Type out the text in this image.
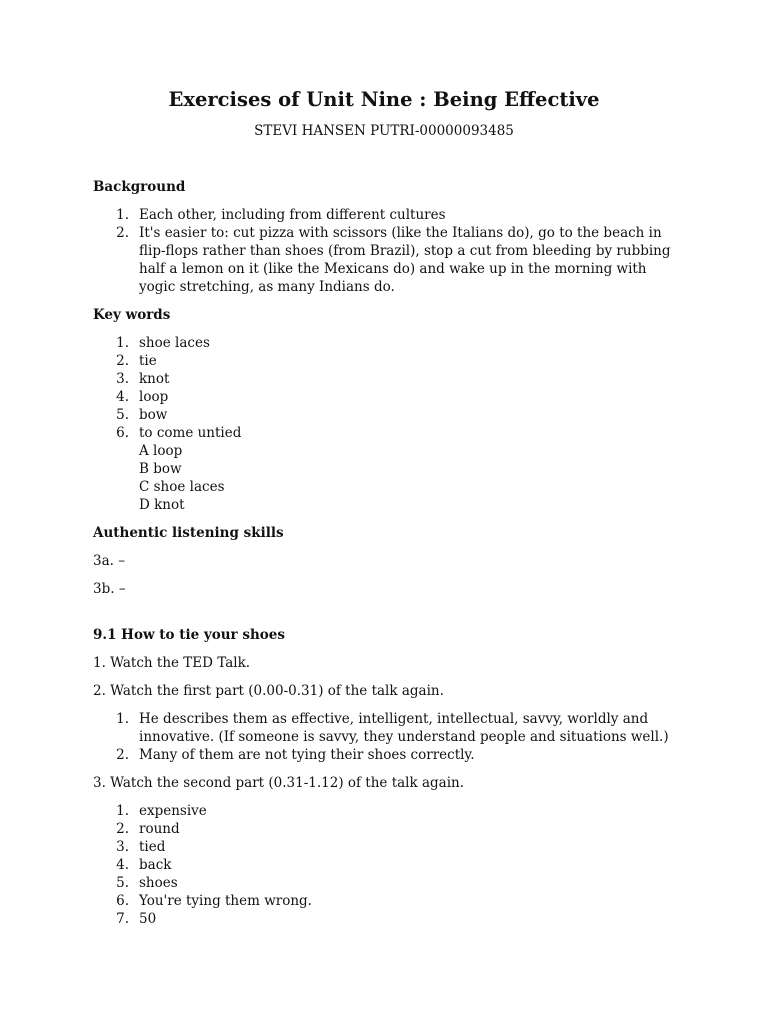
Exercises of Unit Nine : Being Effective
STEVI HANSEN PUTRI-00000093485
Background
1. Each other, including from different cultures
2. It's easier to: cut pizza with scissors (like the Italians do), go to the beach in flip-flops rather than shoes (from Brazil), stop a cut from bleeding by rubbing half a lemon on it (like the Mexicans do) and wake up in the morning with yogic stretching, as many Indians do.
Key words
1. shoe laces
2. tie
3. knot
4. loop
5. bow
6. to come untied
A loop
B bow
C shoe laces
D knot
Authentic listening skills

3a. –

3b. –

9.1 How to tie your shoes

1. Watch the TED Talk.

2. Watch the first part (0.00-0.31) of the talk again.

1. He describes them as effective, intelligent, intellectual, savvy, worldly and innovative. (If someone is savvy, they understand people and situations well.)
2. Many of them are not tying their shoes correctly.

3. Watch the second part (0.31-1.12) of the talk again.

1. expensive
2. round
3. tied
4. back
5. shoes
6. You're tying them wrong.
7. 50
